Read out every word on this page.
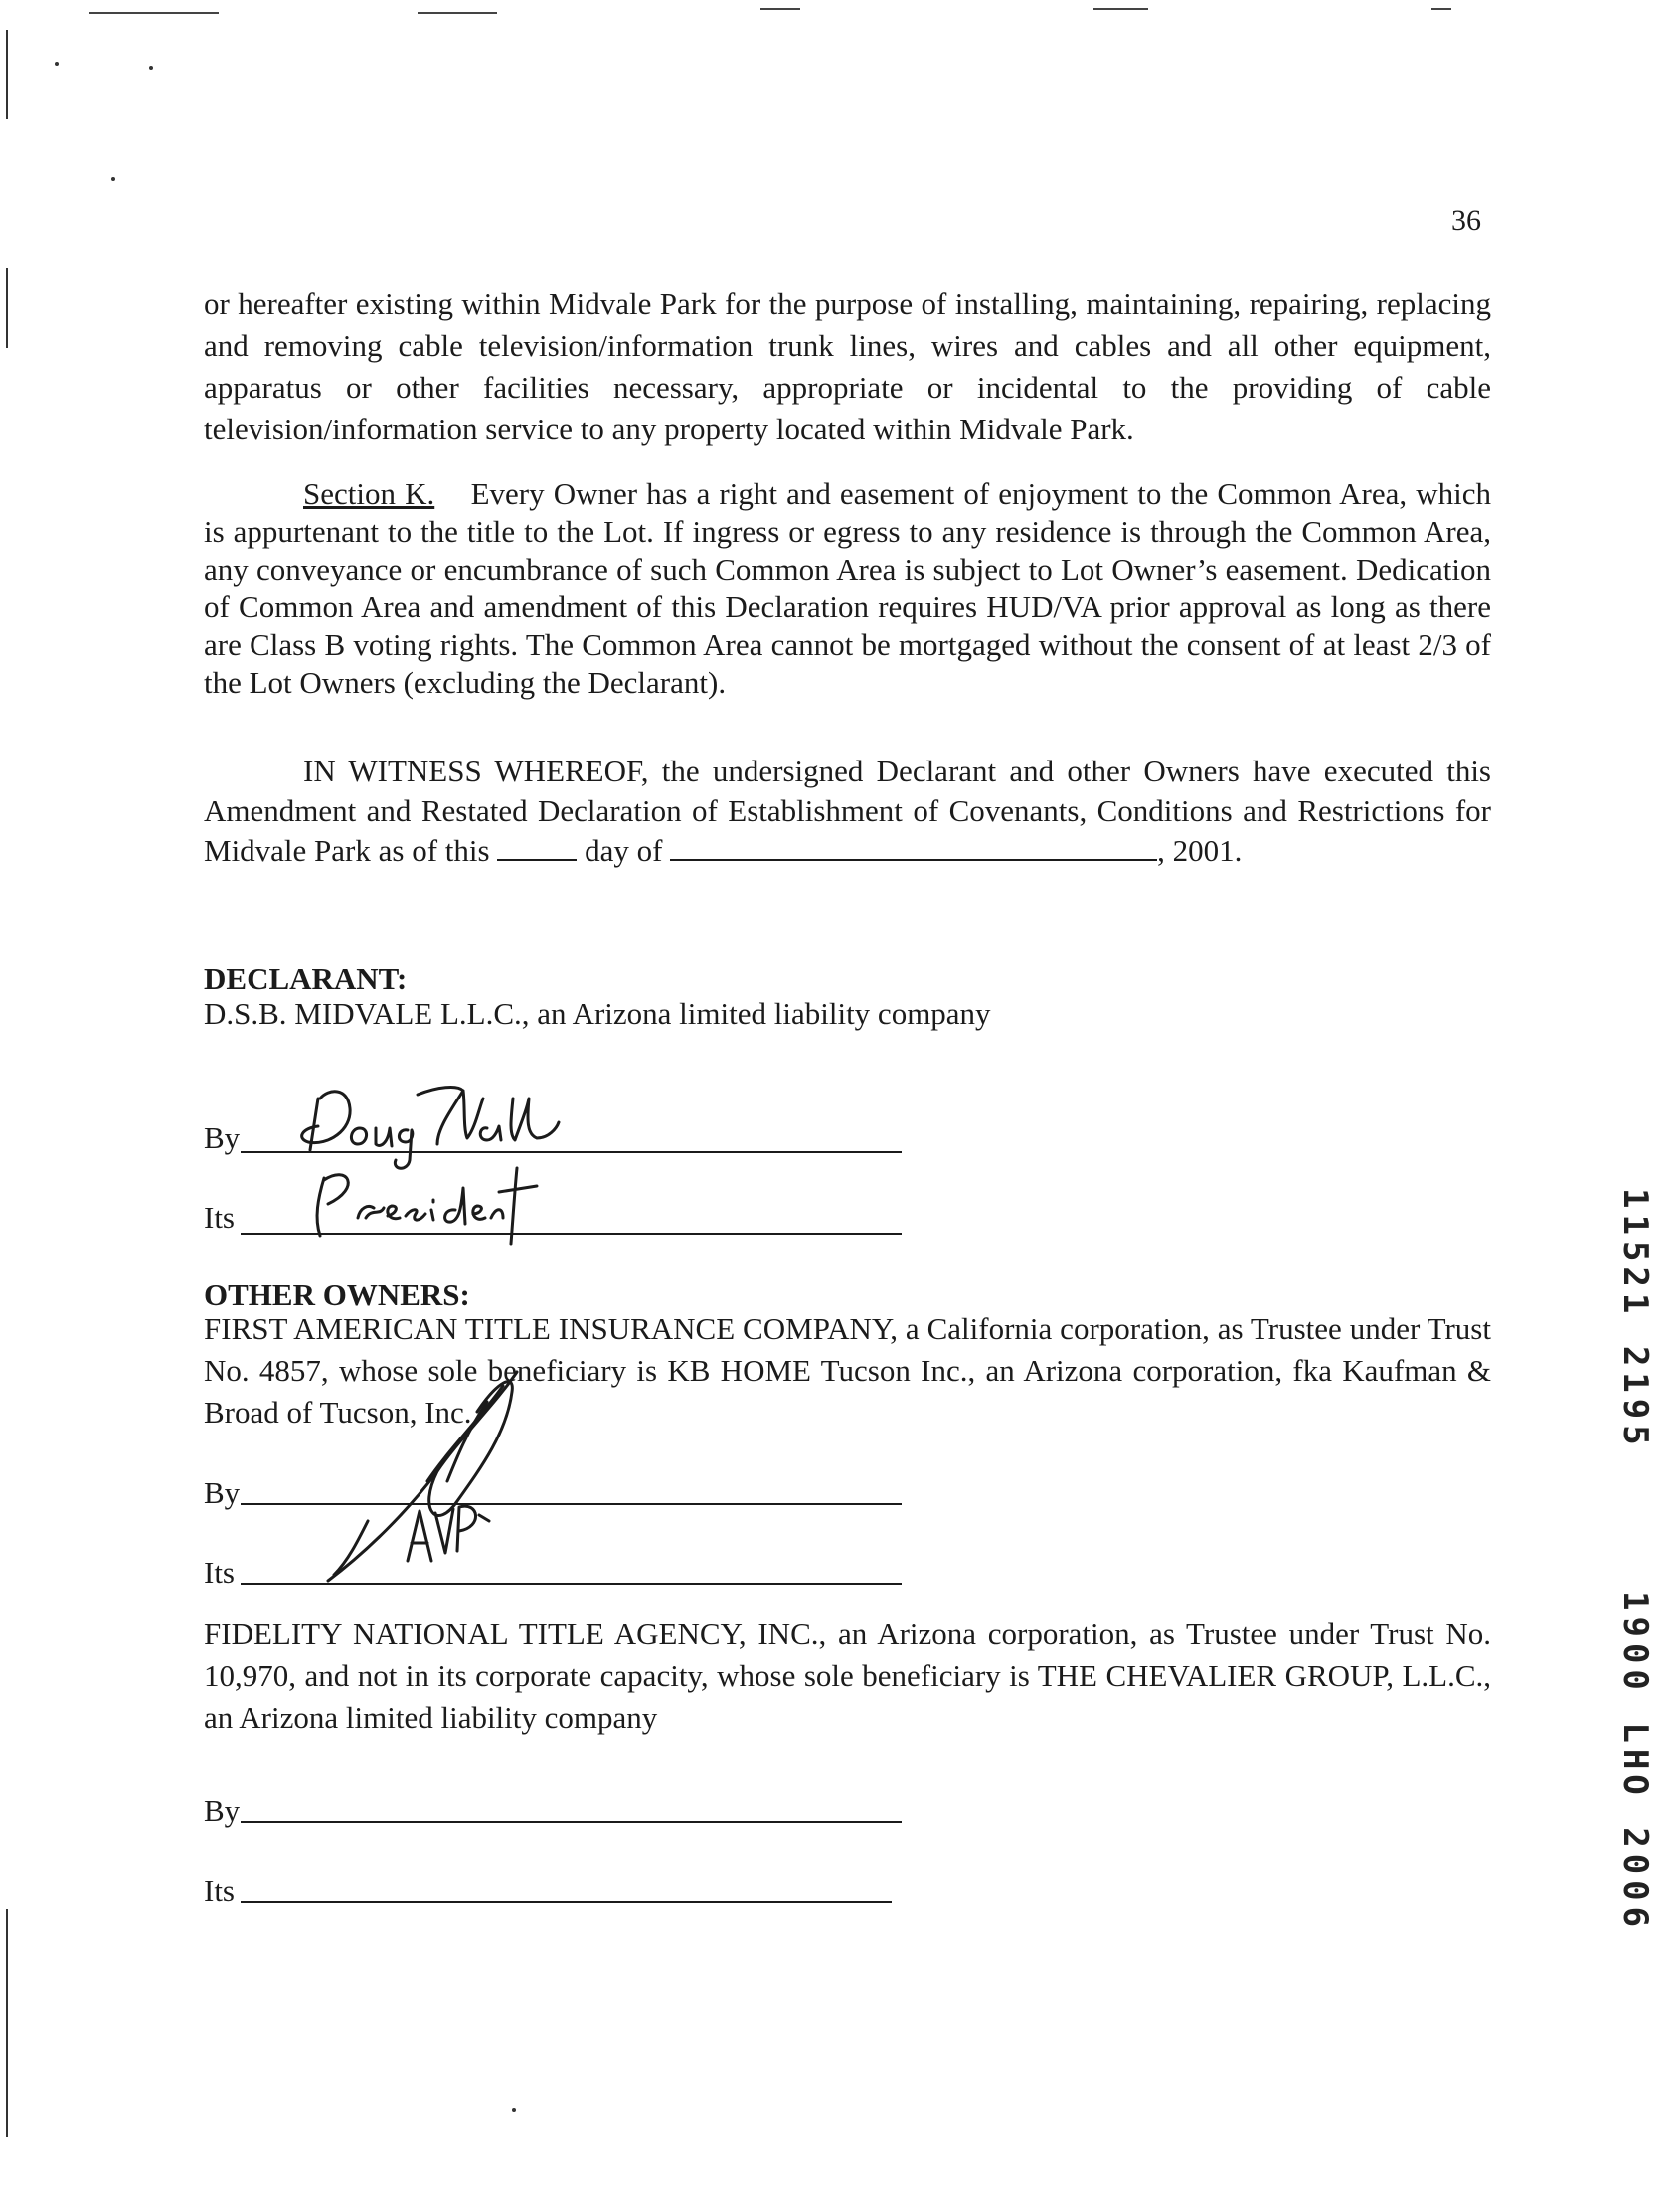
36

or hereafter existing within Midvale Park for the purpose of installing, maintaining, repairing, replacing and removing cable television/information trunk lines, wires and cables and all other equipment, apparatus or other facilities necessary, appropriate or incidental to the providing of cable television/information service to any property located within Midvale Park.

Section K. Every Owner has a right and easement of enjoyment to the Common Area, which is appurtenant to the title to the Lot. If ingress or egress to any residence is through the Common Area, any conveyance or encumbrance of such Common Area is subject to Lot Owner’s easement. Dedication of Common Area and amendment of this Declaration requires HUD/VA prior approval as long as there are Class B voting rights. The Common Area cannot be mortgaged without the consent of at least 2/3 of the Lot Owners (excluding the Declarant).

IN WITNESS WHEREOF, the undersigned Declarant and other Owners have executed this Amendment and Restated Declaration of Establishment of Covenants, Conditions and Restrictions for Midvale Park as of this	day of	, 2001.

DECLARANT:
D.S.B. MIDVALE L.L.C., an Arizona limited liability company
By
Its
OTHER OWNERS:

FIRST AMERICAN TITLE INSURANCE COMPANY, a California corporation, as Trustee under Trust No. 4857, whose sole beneficiary is KB HOME Tucson Inc., an Arizona corporation, fka Kaufman & Broad of Tucson, Inc.

By
Its

FIDELITY NATIONAL TITLE AGENCY, INC., an Arizona corporation, as Trustee under Trust No. 10,970, and not in its corporate capacity, whose sole beneficiary is THE CHEVALIER GROUP, L.L.C., an Arizona limited liability company

By
Its
11521 2195
1900 LHO 2006
